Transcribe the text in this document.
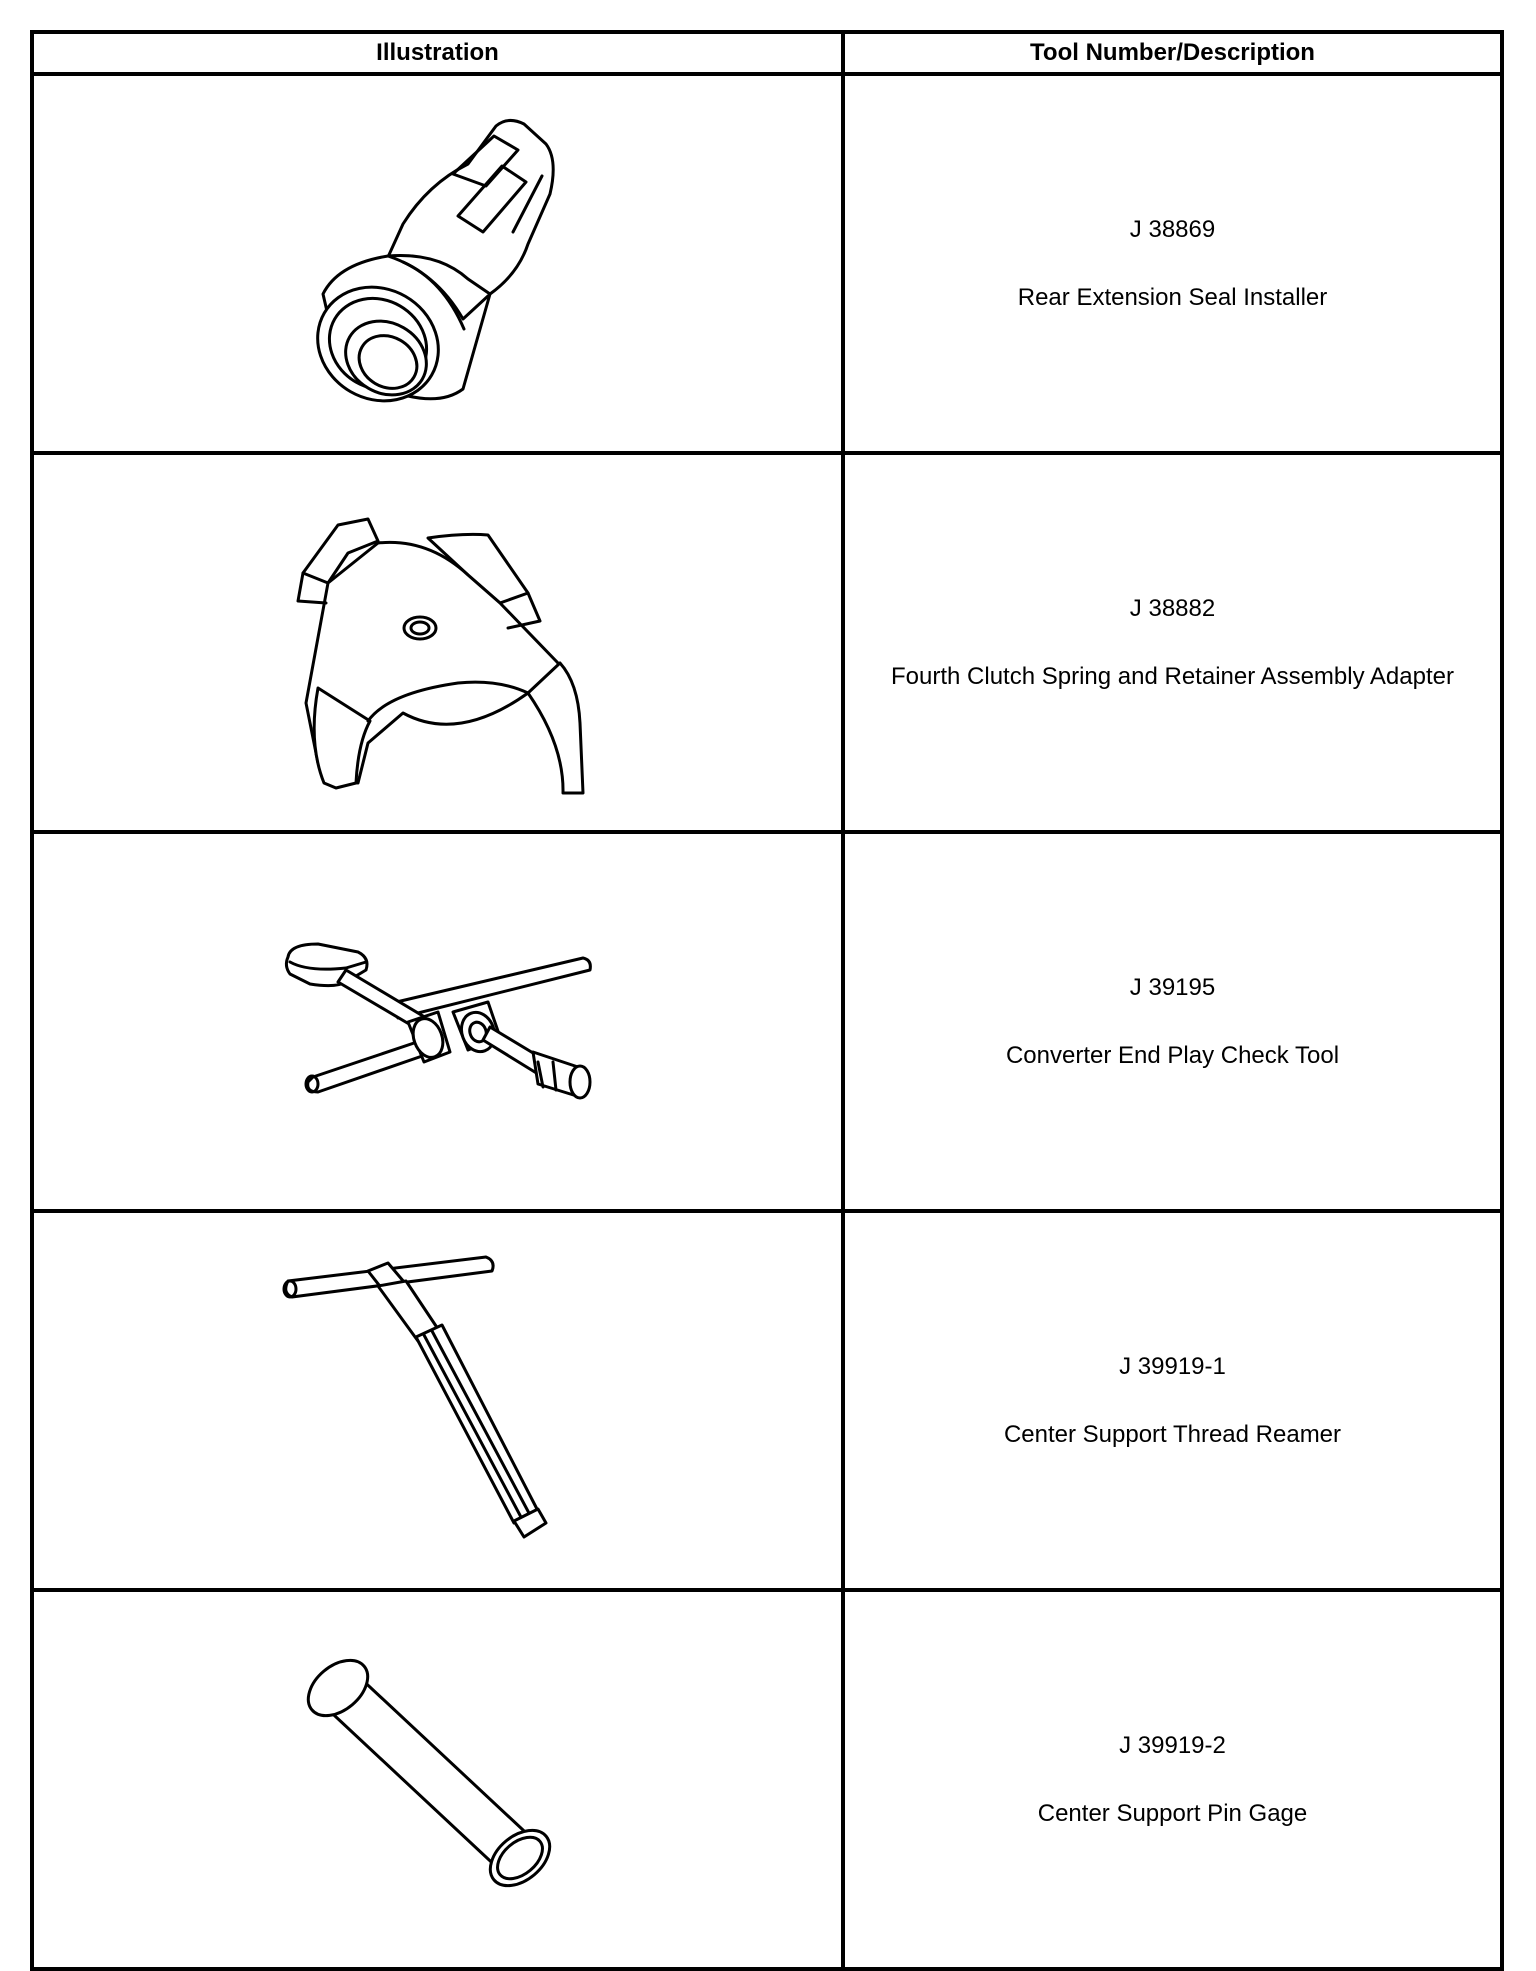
Illustration	Tool Number/Description

J 38869
Rear Extension Seal Installer

J 38882
Fourth Clutch Spring and Retainer Assembly Adapter

J 39195
Converter End Play Check Tool

J 39919-1
Center Support Thread Reamer

J 39919-2
Center Support Pin Gage
